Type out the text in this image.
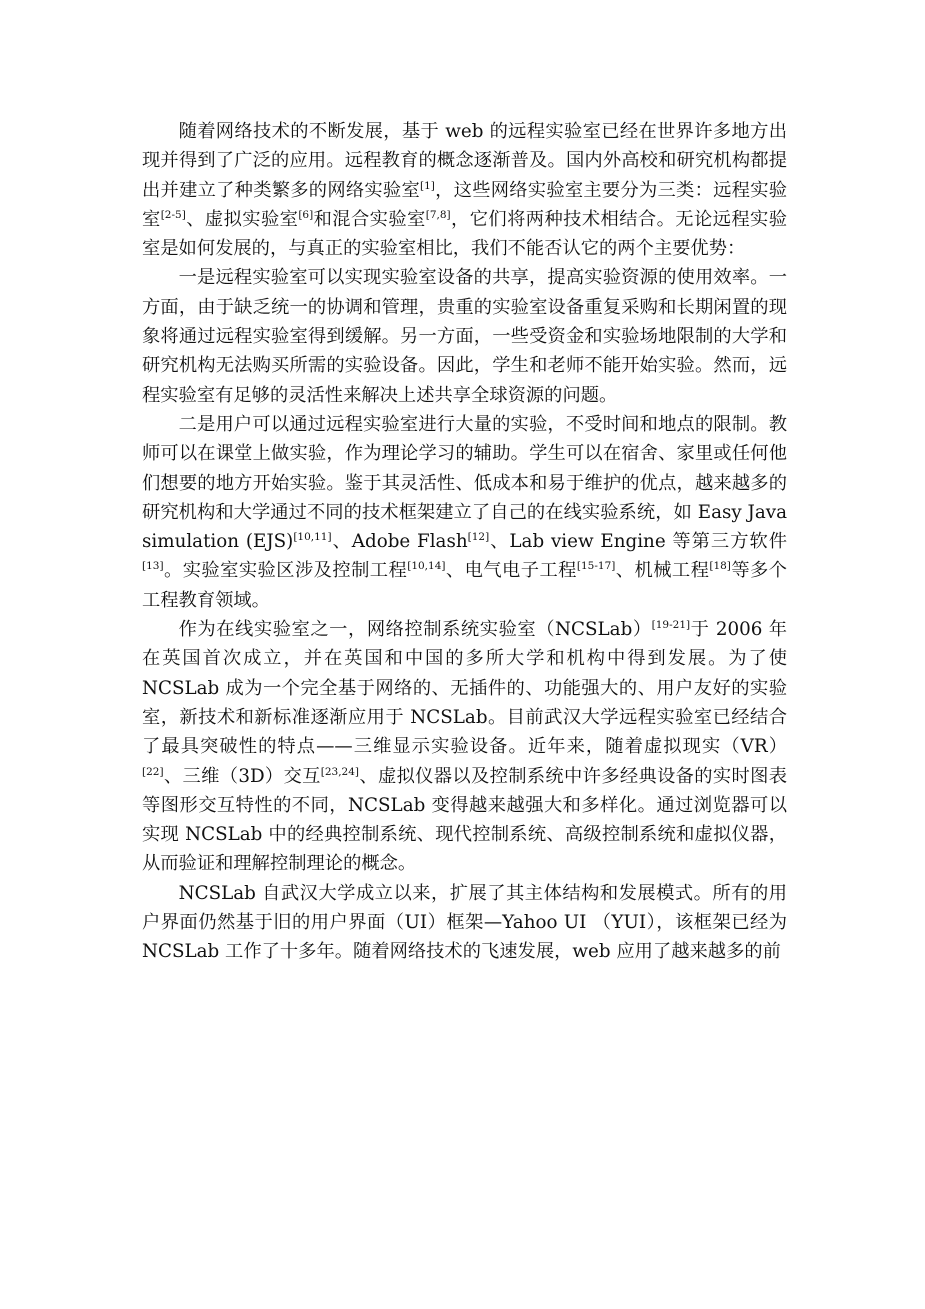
随着网络技术的不断发展，基于 web 的远程实验室已经在世界许多地方出现并得到了广泛的应用。远程教育的概念逐渐普及。国内外高校和研究机构都提出并建立了种类繁多的网络实验室[1]，这些网络实验室主要分为三类：远程实验室[2-5]、虚拟实验室[6]和混合实验室[7,8]，它们将两种技术相结合。无论远程实验室是如何发展的，与真正的实验室相比，我们不能否认它的两个主要优势：

一是远程实验室可以实现实验室设备的共享，提高实验资源的使用效率。一方面，由于缺乏统一的协调和管理，贵重的实验室设备重复采购和长期闲置的现象将通过远程实验室得到缓解。另一方面，一些受资金和实验场地限制的大学和研究机构无法购买所需的实验设备。因此，学生和老师不能开始实验。然而，远程实验室有足够的灵活性来解决上述共享全球资源的问题。

二是用户可以通过远程实验室进行大量的实验，不受时间和地点的限制。教师可以在课堂上做实验，作为理论学习的辅助。学生可以在宿舍、家里或任何他们想要的地方开始实验。鉴于其灵活性、低成本和易于维护的优点，越来越多的研究机构和大学通过不同的技术框架建立了自己的在线实验系统，如 Easy Java simulation (EJS)[10,11]、Adobe Flash[12]、Lab view Engine 等第三方软件[13]。实验室实验区涉及控制工程[10,14]、电气电子工程[15-17]、机械工程[18]等多个工程教育领域。

作为在线实验室之一，网络控制系统实验室（NCSLab）[19-21]于 2006 年在英国首次成立，并在英国和中国的多所大学和机构中得到发展。为了使 NCSLab 成为一个完全基于网络的、无插件的、功能强大的、用户友好的实验室，新技术和新标准逐渐应用于 NCSLab。目前武汉大学远程实验室已经结合了最具突破性的特点——三维显示实验设备。近年来，随着虚拟现实（VR）[22]、三维（3D）交互[23,24]、虚拟仪器以及控制系统中许多经典设备的实时图表等图形交互特性的不同，NCSLab 变得越来越强大和多样化。通过浏览器可以实现 NCSLab 中的经典控制系统、现代控制系统、高级控制系统和虚拟仪器，从而验证和理解控制理论的概念。

NCSLab 自武汉大学成立以来，扩展了其主体结构和发展模式。所有的用户界面仍然基于旧的用户界面（UI）框架—Yahoo UI （YUI），该框架已经为 NCSLab 工作了十多年。随着网络技术的飞速发展，web 应用了越来越多的前
